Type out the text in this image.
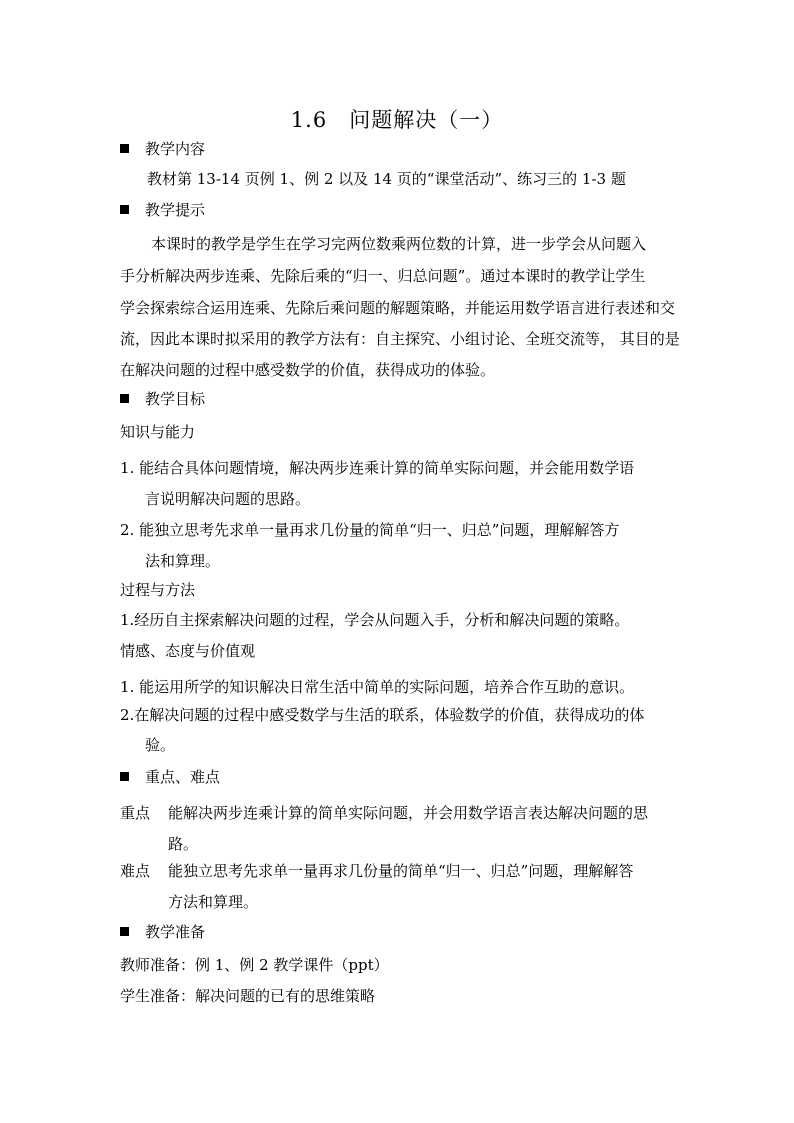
1.6　问题解决（一）
教学内容
教材第 13-14 页例 1、例 2 以及 14 页的“课堂活动”、练习三的 1-3 题
教学提示
本课时的教学是学生在学习完两位数乘两位数的计算，进一步学会从问题入
手分析解决两步连乘、先除后乘的“归一、归总问题”。通过本课时的教学让学生
学会探索综合运用连乘、先除后乘问题的解题策略，并能运用数学语言进行表述和交
流，因此本课时拟采用的教学方法有：自主探究、小组讨论、全班交流等， 其目的是
在解决问题的过程中感受数学的价值，获得成功的体验。
教学目标
知识与能力
1. 能结合具体问题情境，解决两步连乘计算的简单实际问题，并会能用数学语
言说明解决问题的思路。
2. 能独立思考先求单一量再求几份量的简单“归一、归总”问题，理解解答方
法和算理。
过程与方法
1.经历自主探索解决问题的过程，学会从问题入手，分析和解决问题的策略。
情感、态度与价值观
1. 能运用所学的知识解决日常生活中简单的实际问题，培养合作互助的意识。
2.在解决问题的过程中感受数学与生活的联系，体验数学的价值，获得成功的体
验。
重点、难点
重点 能解决两步连乘计算的简单实际问题，并会用数学语言表达解决问题的思
路。
难点 能独立思考先求单一量再求几份量的简单“归一、归总”问题，理解解答
方法和算理。
教学准备
教师准备：例 1、例 2 教学课件（ppt）
学生准备：解决问题的已有的思维策略
